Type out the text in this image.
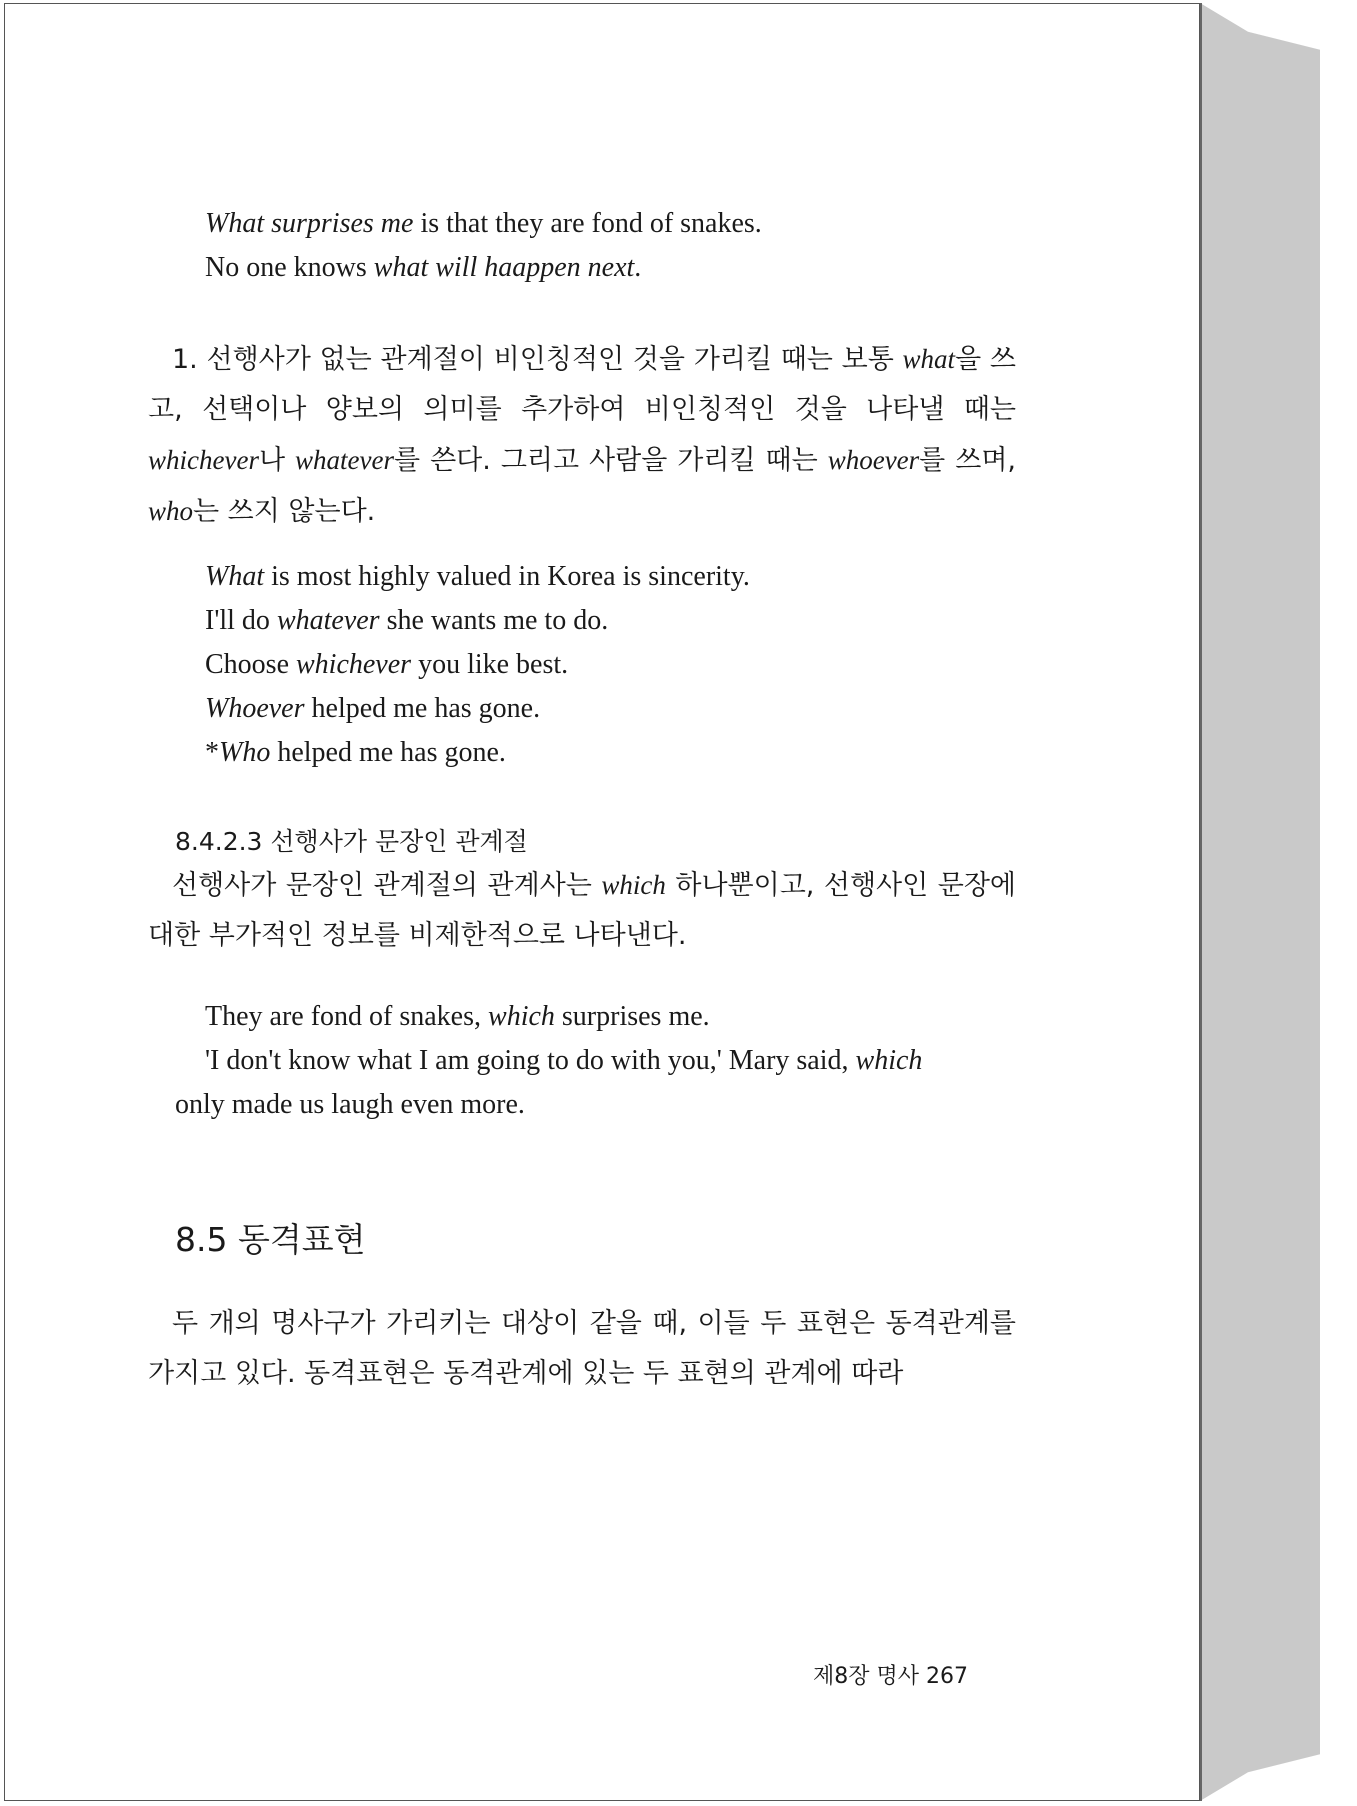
What surprises me is that they are fond of snakes.
No one knows what will haappen next.
1. 선행사가 없는 관계절이 비인칭적인 것을 가리킬 때는 보통 what을 쓰고, 선택이나 양보의 의미를 추가하여 비인칭적인 것을 나타낼 때는 whichever나 whatever를 쓴다. 그리고 사람을 가리킬 때는 whoever를 쓰며, who는 쓰지 않는다.
What is most highly valued in Korea is sincerity.
I'll do whatever she wants me to do.
Choose whichever you like best.
Whoever helped me has gone.
*Who helped me has gone.
8.4.2.3 선행사가 문장인 관계절
선행사가 문장인 관계절의 관계사는 which 하나뿐이고, 선행사인 문장에 대한 부가적인 정보를 비제한적으로 나타낸다.
They are fond of snakes, which surprises me.
'I don't know what I am going to do with you,' Mary said, which
only made us laugh even more.
8.5 동격표현
두 개의 명사구가 가리키는 대상이 같을 때, 이들 두 표현은 동격관계를 가지고 있다. 동격표현은 동격관계에 있는 두 표현의 관계에 따라
제8장 명사 267
